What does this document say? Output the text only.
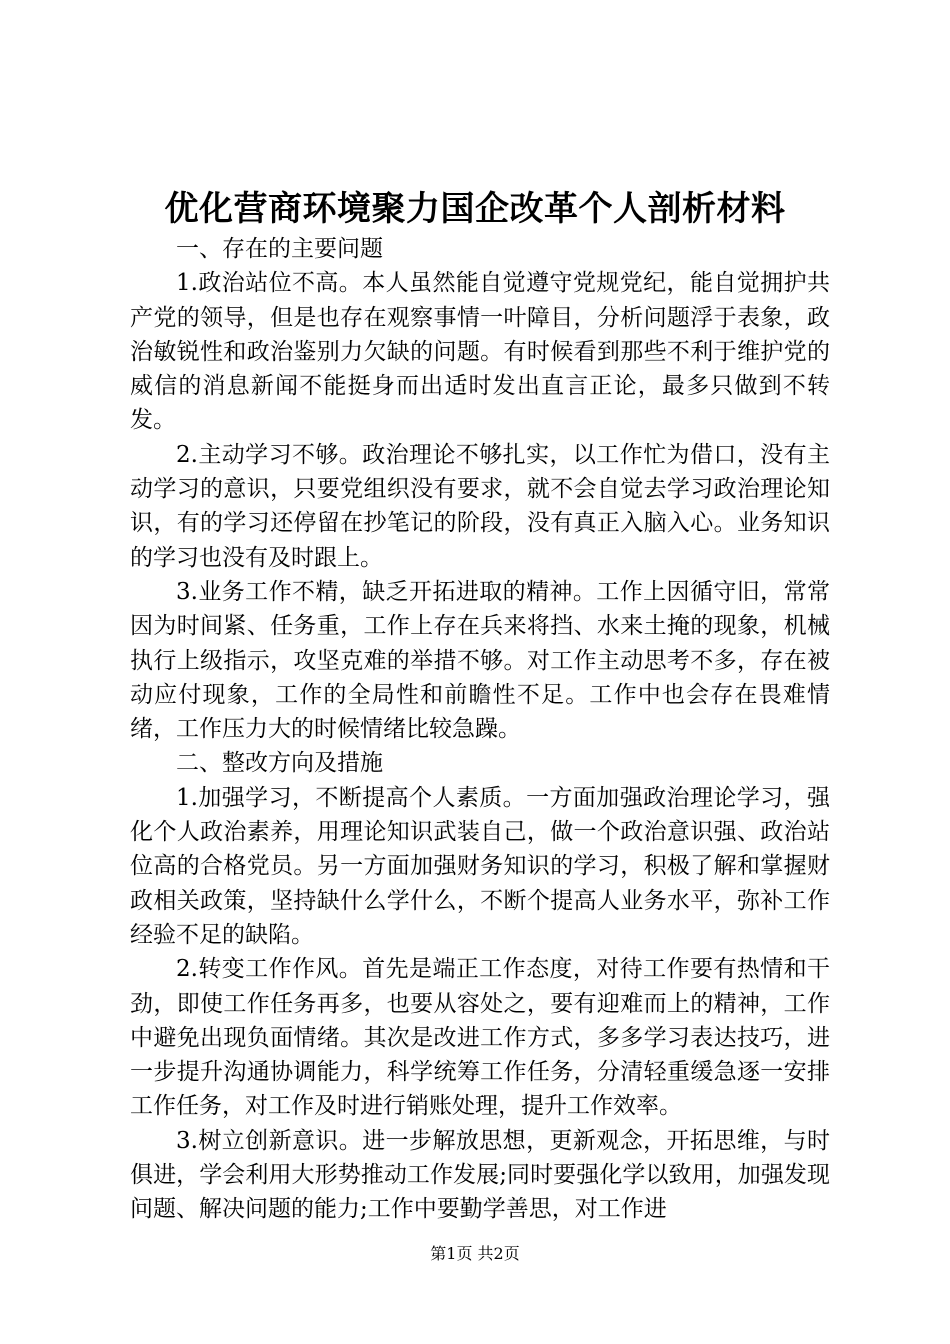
优化营商环境聚力国企改革个人剖析材料

一、存在的主要问题

1.政治站位不高。本人虽然能自觉遵守党规党纪，能自觉拥护共产党的领导，但是也存在观察事情一叶障目，分析问题浮于表象，政治敏锐性和政治鉴别力欠缺的问题。有时候看到那些不利于维护党的威信的消息新闻不能挺身而出适时发出直言正论，最多只做到不转发。

2.主动学习不够。政治理论不够扎实，以工作忙为借口，没有主动学习的意识，只要党组织没有要求，就不会自觉去学习政治理论知识，有的学习还停留在抄笔记的阶段，没有真正入脑入心。业务知识的学习也没有及时跟上。

3.业务工作不精，缺乏开拓进取的精神。工作上因循守旧，常常因为时间紧、任务重，工作上存在兵来将挡、水来土掩的现象，机械执行上级指示，攻坚克难的举措不够。对工作主动思考不多，存在被动应付现象，工作的全局性和前瞻性不足。工作中也会存在畏难情绪，工作压力大的时候情绪比较急躁。

二、整改方向及措施

1.加强学习，不断提高个人素质。一方面加强政治理论学习，强化个人政治素养，用理论知识武装自己，做一个政治意识强、政治站位高的合格党员。另一方面加强财务知识的学习，积极了解和掌握财政相关政策，坚持缺什么学什么，不断个提高人业务水平，弥补工作经验不足的缺陷。

2.转变工作作风。首先是端正工作态度，对待工作要有热情和干劲，即使工作任务再多，也要从容处之，要有迎难而上的精神，工作中避免出现负面情绪。其次是改进工作方式，多多学习表达技巧，进一步提升沟通协调能力，科学统筹工作任务，分清轻重缓急逐一安排工作任务，对工作及时进行销账处理，提升工作效率。

3.树立创新意识。进一步解放思想，更新观念，开拓思维，与时俱进，学会利用大形势推动工作发展;同时要强化学以致用，加强发现问题、解决问题的能力;工作中要勤学善思，对工作进

第1页 共2页
